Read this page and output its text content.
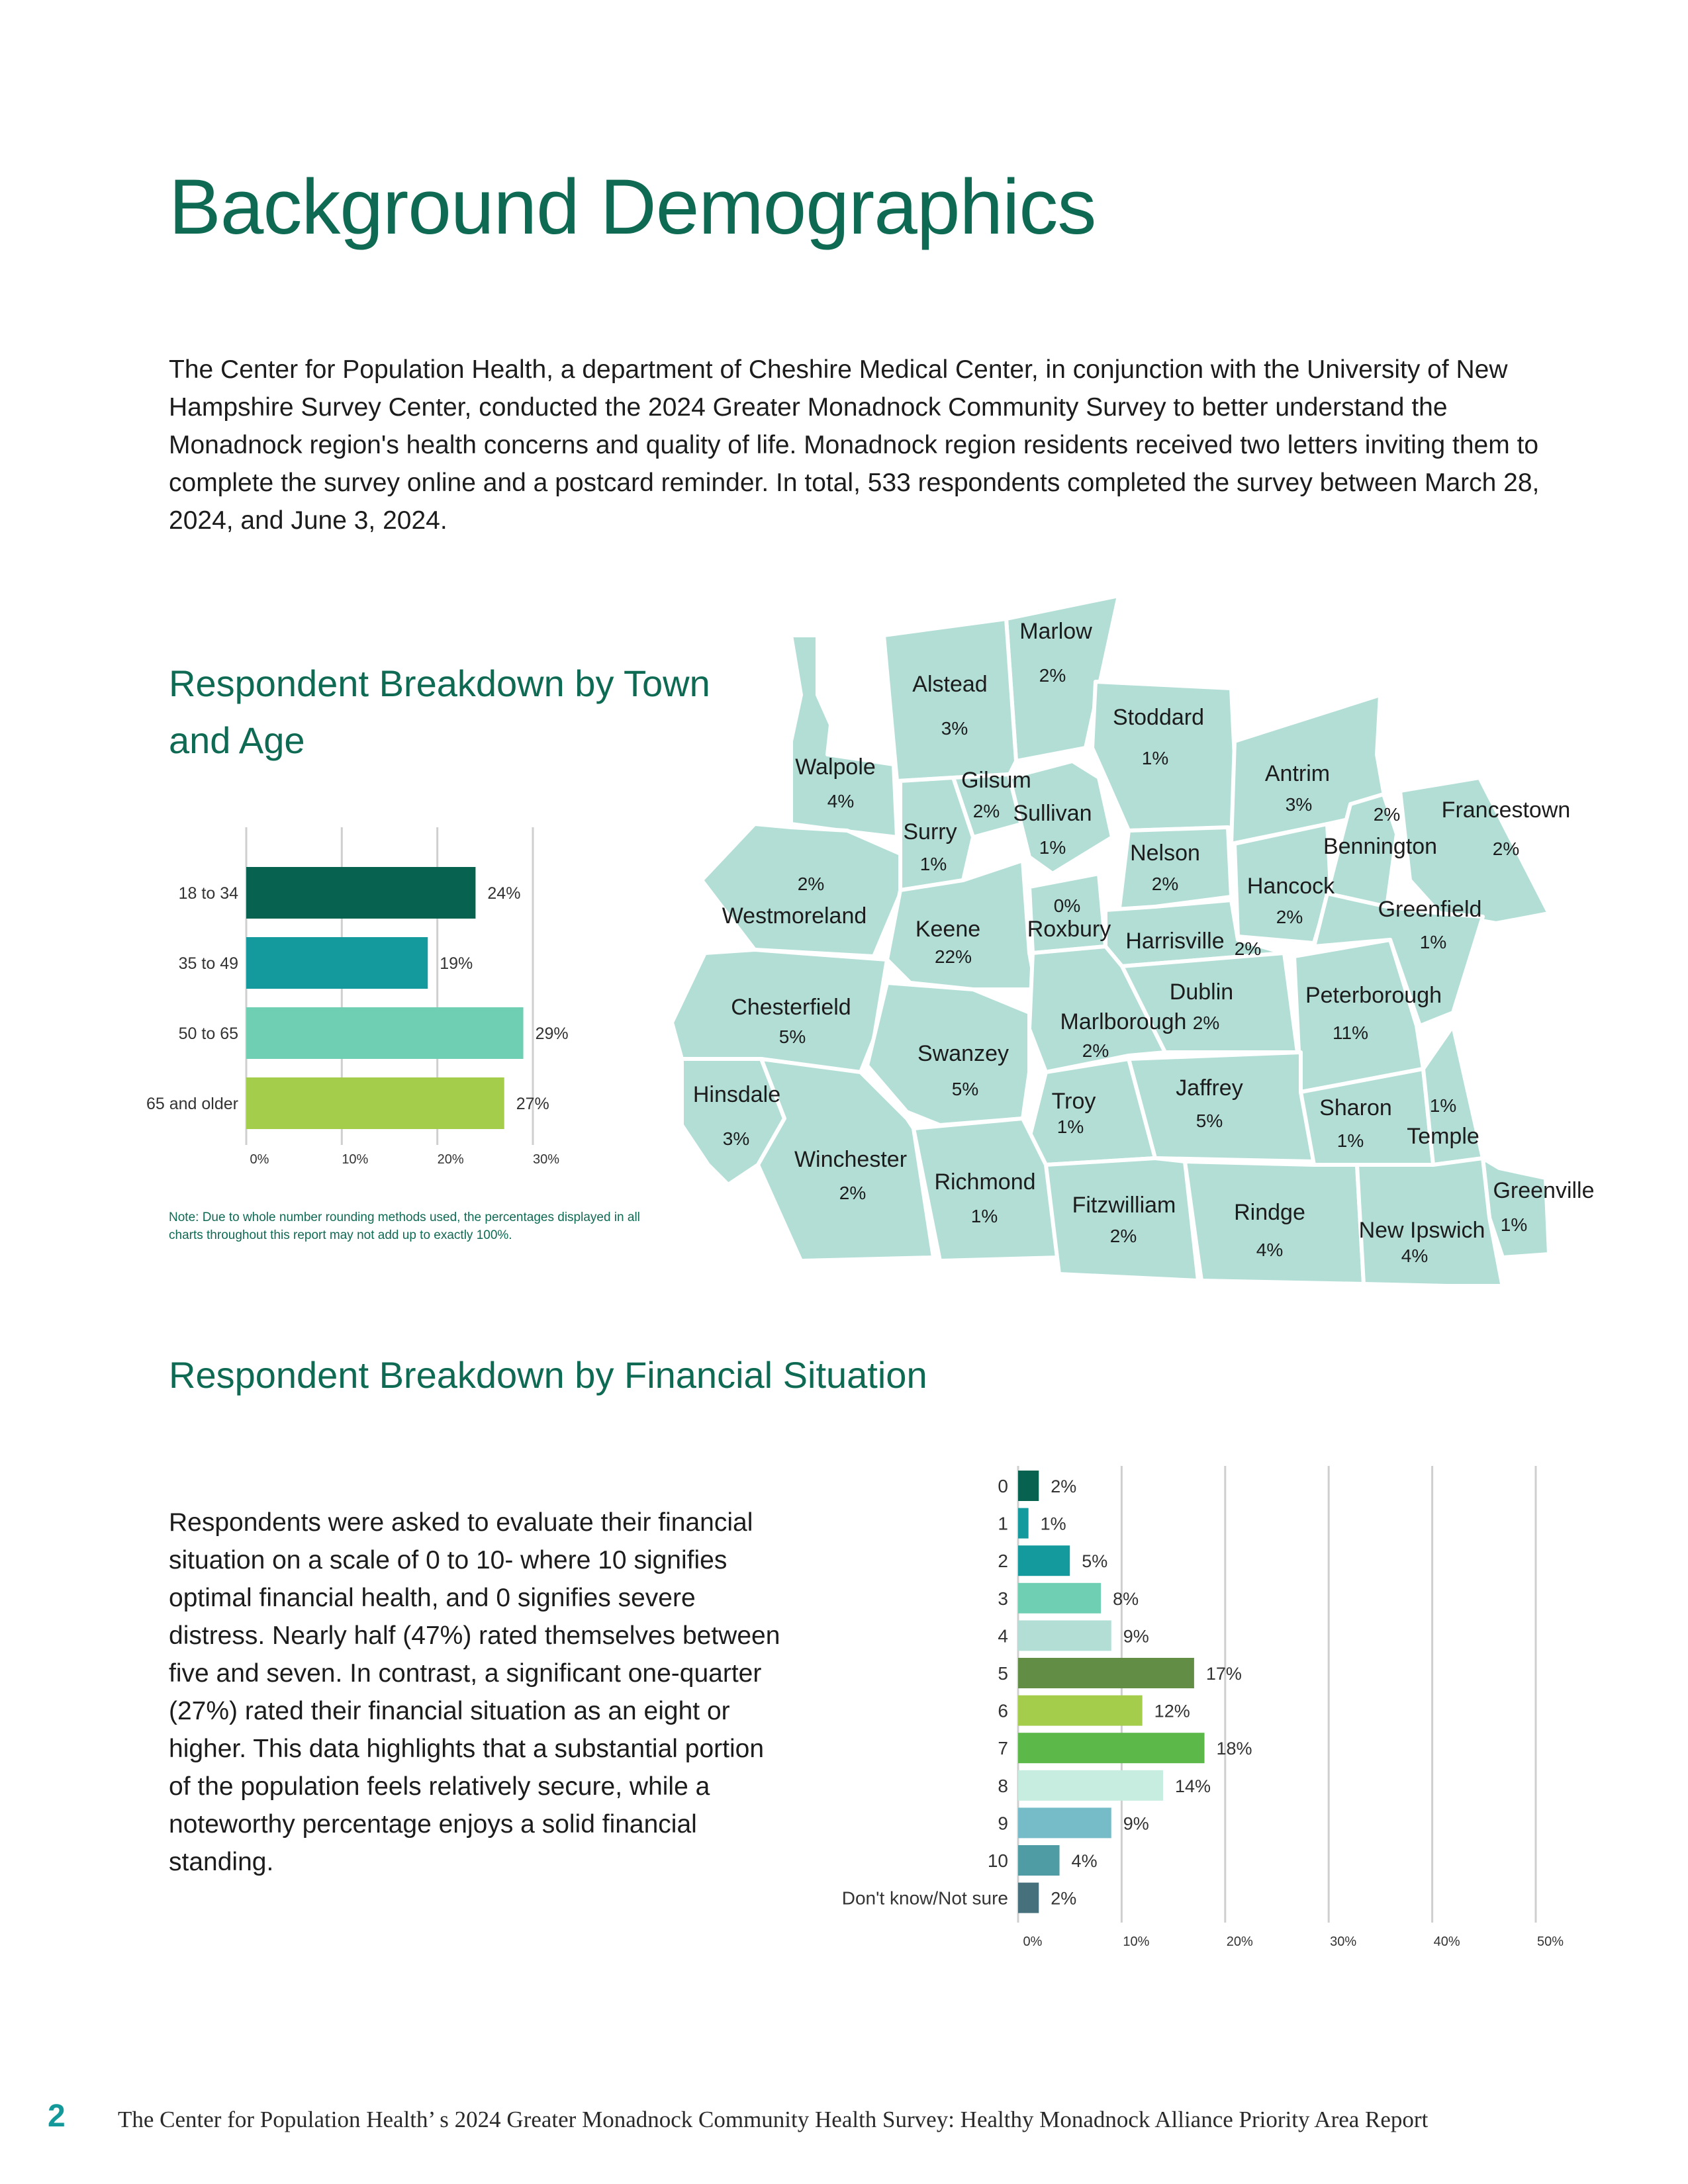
Background Demographics
The Center for Population Health, a department of Cheshire Medical Center, in conjunction with the University of New Hampshire Survey Center, conducted the 2024 Greater Monadnock Community Survey to better understand the Monadnock region's health concerns and quality of life. Monadnock region residents received two letters inviting them to complete the survey online and a postcard reminder. In total, 533 respondents completed the survey between March 28, 2024, and June 3, 2024.
Respondent Breakdown by Town and Age
0%	10%	20%	30%
18 to 34	24%
35 to 49	19%
50 to 65	29%
65 and older	27%
Note: Due to whole number rounding methods used, the percentages displayed in all charts throughout this report may not add up to exactly 100%.
Marlow
2%
Alstead
3%	Stoddard
1%
Walpole
4%
Gilsum
2% Sullivan
1%
Antrim
3%
Surry
1%
Bennington
2% Francestown
2%
Nelson
2%
Westmoreland
2%	Hancock
2%
Roxbury
0%
Keene
22%
Greenfield
1%
Harrisville 2%
Dublin
2%
Peterborough
11%
Chesterfield
5%
Marlborough
2%
Swanzey
5%	Jaffrey
5%
Hinsdale
3%
Troy
1%
Sharon
1% Temple
1%
Winchester
2%	Richmond
1%	Fitzwilliam
2%
Rindge
4%
Greenville
1%
New Ipswich
4%
Respondent Breakdown by Financial Situation
Respondents were asked to evaluate their financial situation on a scale of 0 to 10- where 10 signifies optimal financial health, and 0 signifies severe distress. Nearly half (47%) rated themselves between five and seven. In contrast, a significant one-quarter (27%) rated their financial situation as an eight or higher. This data highlights that a substantial portion of the population feels relatively secure, while a noteworthy percentage enjoys a solid financial standing.
0%	10%	20%	30%	40%	50%
0 2%
1 1%
2	5%
3	8%
4	9%
5	17%
6	12%
7	18%
8	14%
9	9%
10	4%
Don't know/Not sure 2%
2 The Center for Population Health’ s 2024 Greater Monadnock Community Health Survey: Healthy Monadnock Alliance Priority Area Report
